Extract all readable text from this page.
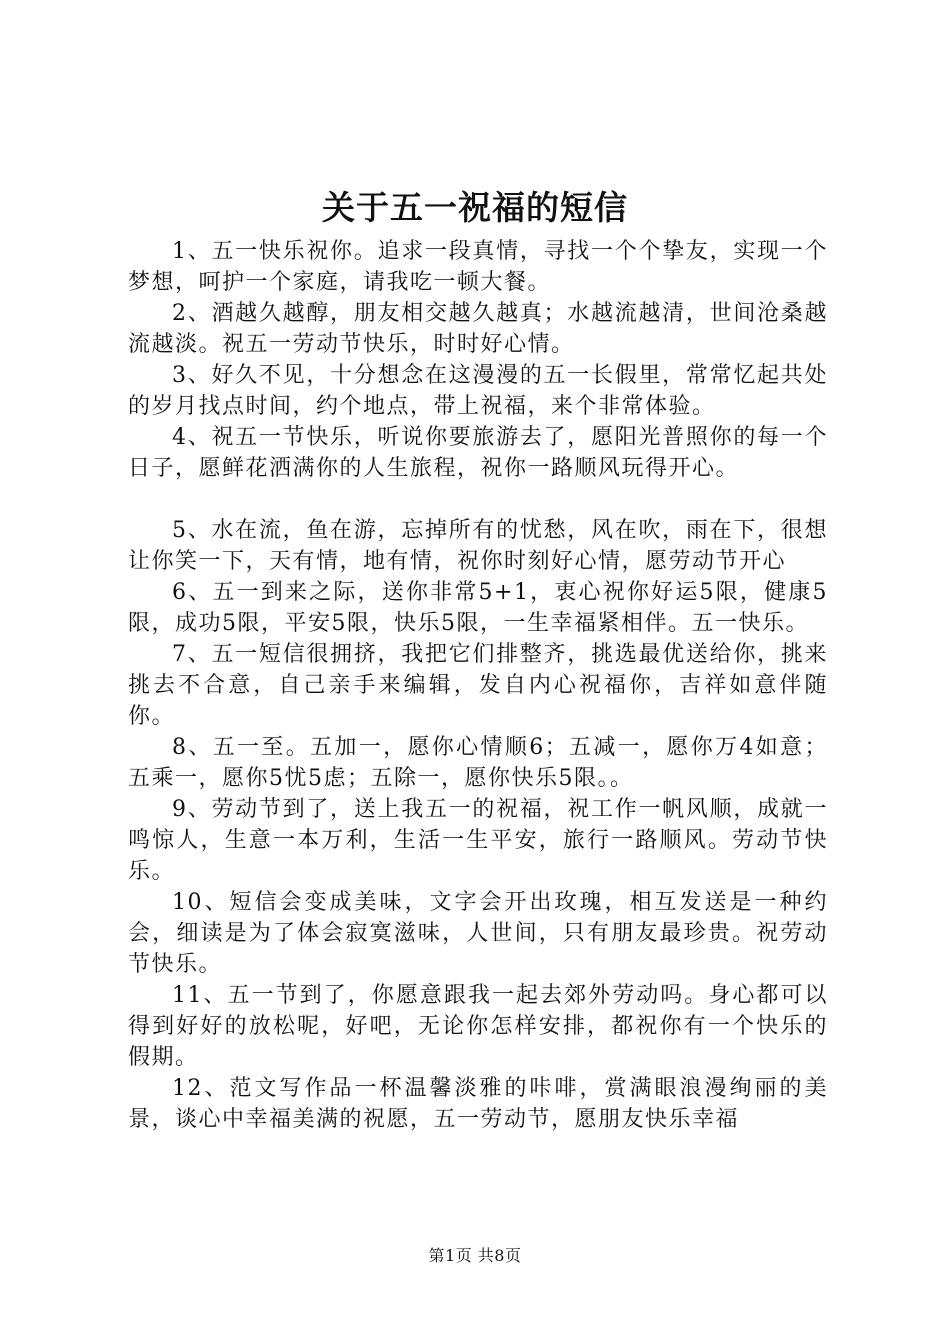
关于五一祝福的短信

1、五一快乐祝你。追求一段真情，寻找一个个挚友，实现一个梦想，呵护一个家庭，请我吃一顿大餐。

2、酒越久越醇，朋友相交越久越真；水越流越清，世间沧桑越流越淡。祝五一劳动节快乐，时时好心情。

3、好久不见，十分想念在这漫漫的五一长假里，常常忆起共处的岁月找点时间，约个地点，带上祝福，来个非常体验。

4、祝五一节快乐，听说你要旅游去了，愿阳光普照你的每一个日子，愿鲜花洒满你的人生旅程，祝你一路顺风玩得开心。

5、水在流，鱼在游，忘掉所有的忧愁，风在吹，雨在下，很想让你笑一下，天有情，地有情，祝你时刻好心情，愿劳动节开心

6、五一到来之际，送你非常5+1，衷心祝你好运5限，健康5限，成功5限，平安5限，快乐5限，一生幸福紧相伴。五一快乐。

7、五一短信很拥挤，我把它们排整齐，挑选最优送给你，挑来挑去不合意，自己亲手来编辑，发自内心祝福你，吉祥如意伴随你。

8、五一至。五加一，愿你心情顺6；五减一，愿你万4如意；五乘一，愿你5忧5虑；五除一，愿你快乐5限。。

9、劳动节到了，送上我五一的祝福，祝工作一帆风顺，成就一鸣惊人，生意一本万利，生活一生平安，旅行一路顺风。劳动节快乐。

10、短信会变成美味，文字会开出玫瑰，相互发送是一种约会，细读是为了体会寂寞滋味，人世间，只有朋友最珍贵。祝劳动节快乐。

11、五一节到了，你愿意跟我一起去郊外劳动吗。身心都可以得到好好的放松呢，好吧，无论你怎样安排，都祝你有一个快乐的假期。

12、范文写作品一杯温馨淡雅的咔啡，赏满眼浪漫绚丽的美景，谈心中幸福美满的祝愿，五一劳动节，愿朋友快乐幸福

第1页 共8页
